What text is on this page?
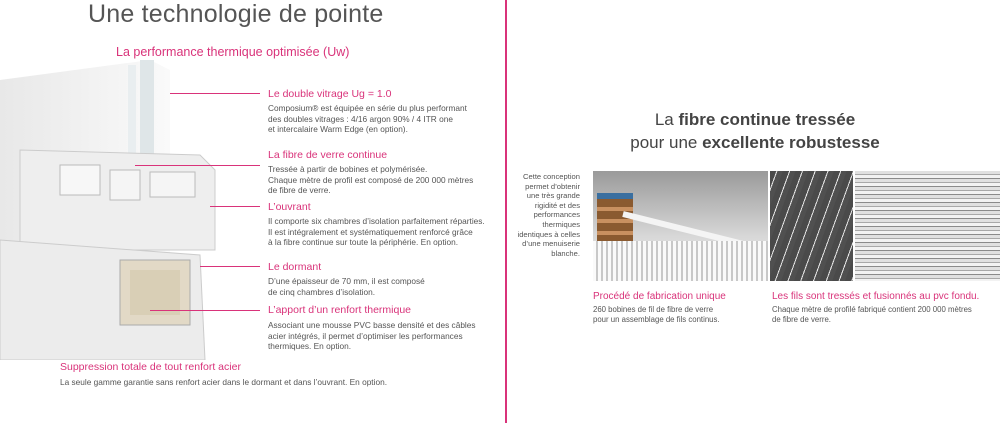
Une technologie de pointe
La performance thermique optimisée (Uw)
Le double vitrage Ug = 1.0
Composium® est équipée en série du plus performant
des doubles vitrages : 4/16 argon 90% / 4 ITR one
et intercalaire Warm Edge (en option).
La fibre de verre continue
Tressée à partir de bobines et polymérisée.
Chaque mètre de profil est composé de 200 000 mètres
de fibre de verre.
L’ouvrant
Il comporte six chambres d’isolation parfaitement réparties.
Il est intégralement et systématiquement renforcé grâce
à la fibre continue sur toute la périphérie. En option.
Le dormant
D’une épaisseur de 70 mm, il est composé
de cinq chambres d’isolation.
L’apport d’un renfort thermique
Associant une mousse PVC basse densité et des câbles
acier intégrés, il permet d’optimiser les performances
thermiques. En option.
Suppression totale de tout renfort acier
La seule gamme garantie sans renfort acier dans le dormant et dans l’ouvrant. En option.
La fibre continue tressée
pour une excellente robustesse
Cette conception
permet d’obtenir
une très grande
rigidité et des
performances
thermiques
identiques à celles
d’une menuiserie
blanche.
Procédé de fabrication unique
260 bobines de fil de fibre de verre
pour un assemblage de fils continus.
Les fils sont tressés et fusionnés au pvc fondu.
Chaque mètre de profilé fabriqué contient 200 000 mètres
de fibre de verre.
